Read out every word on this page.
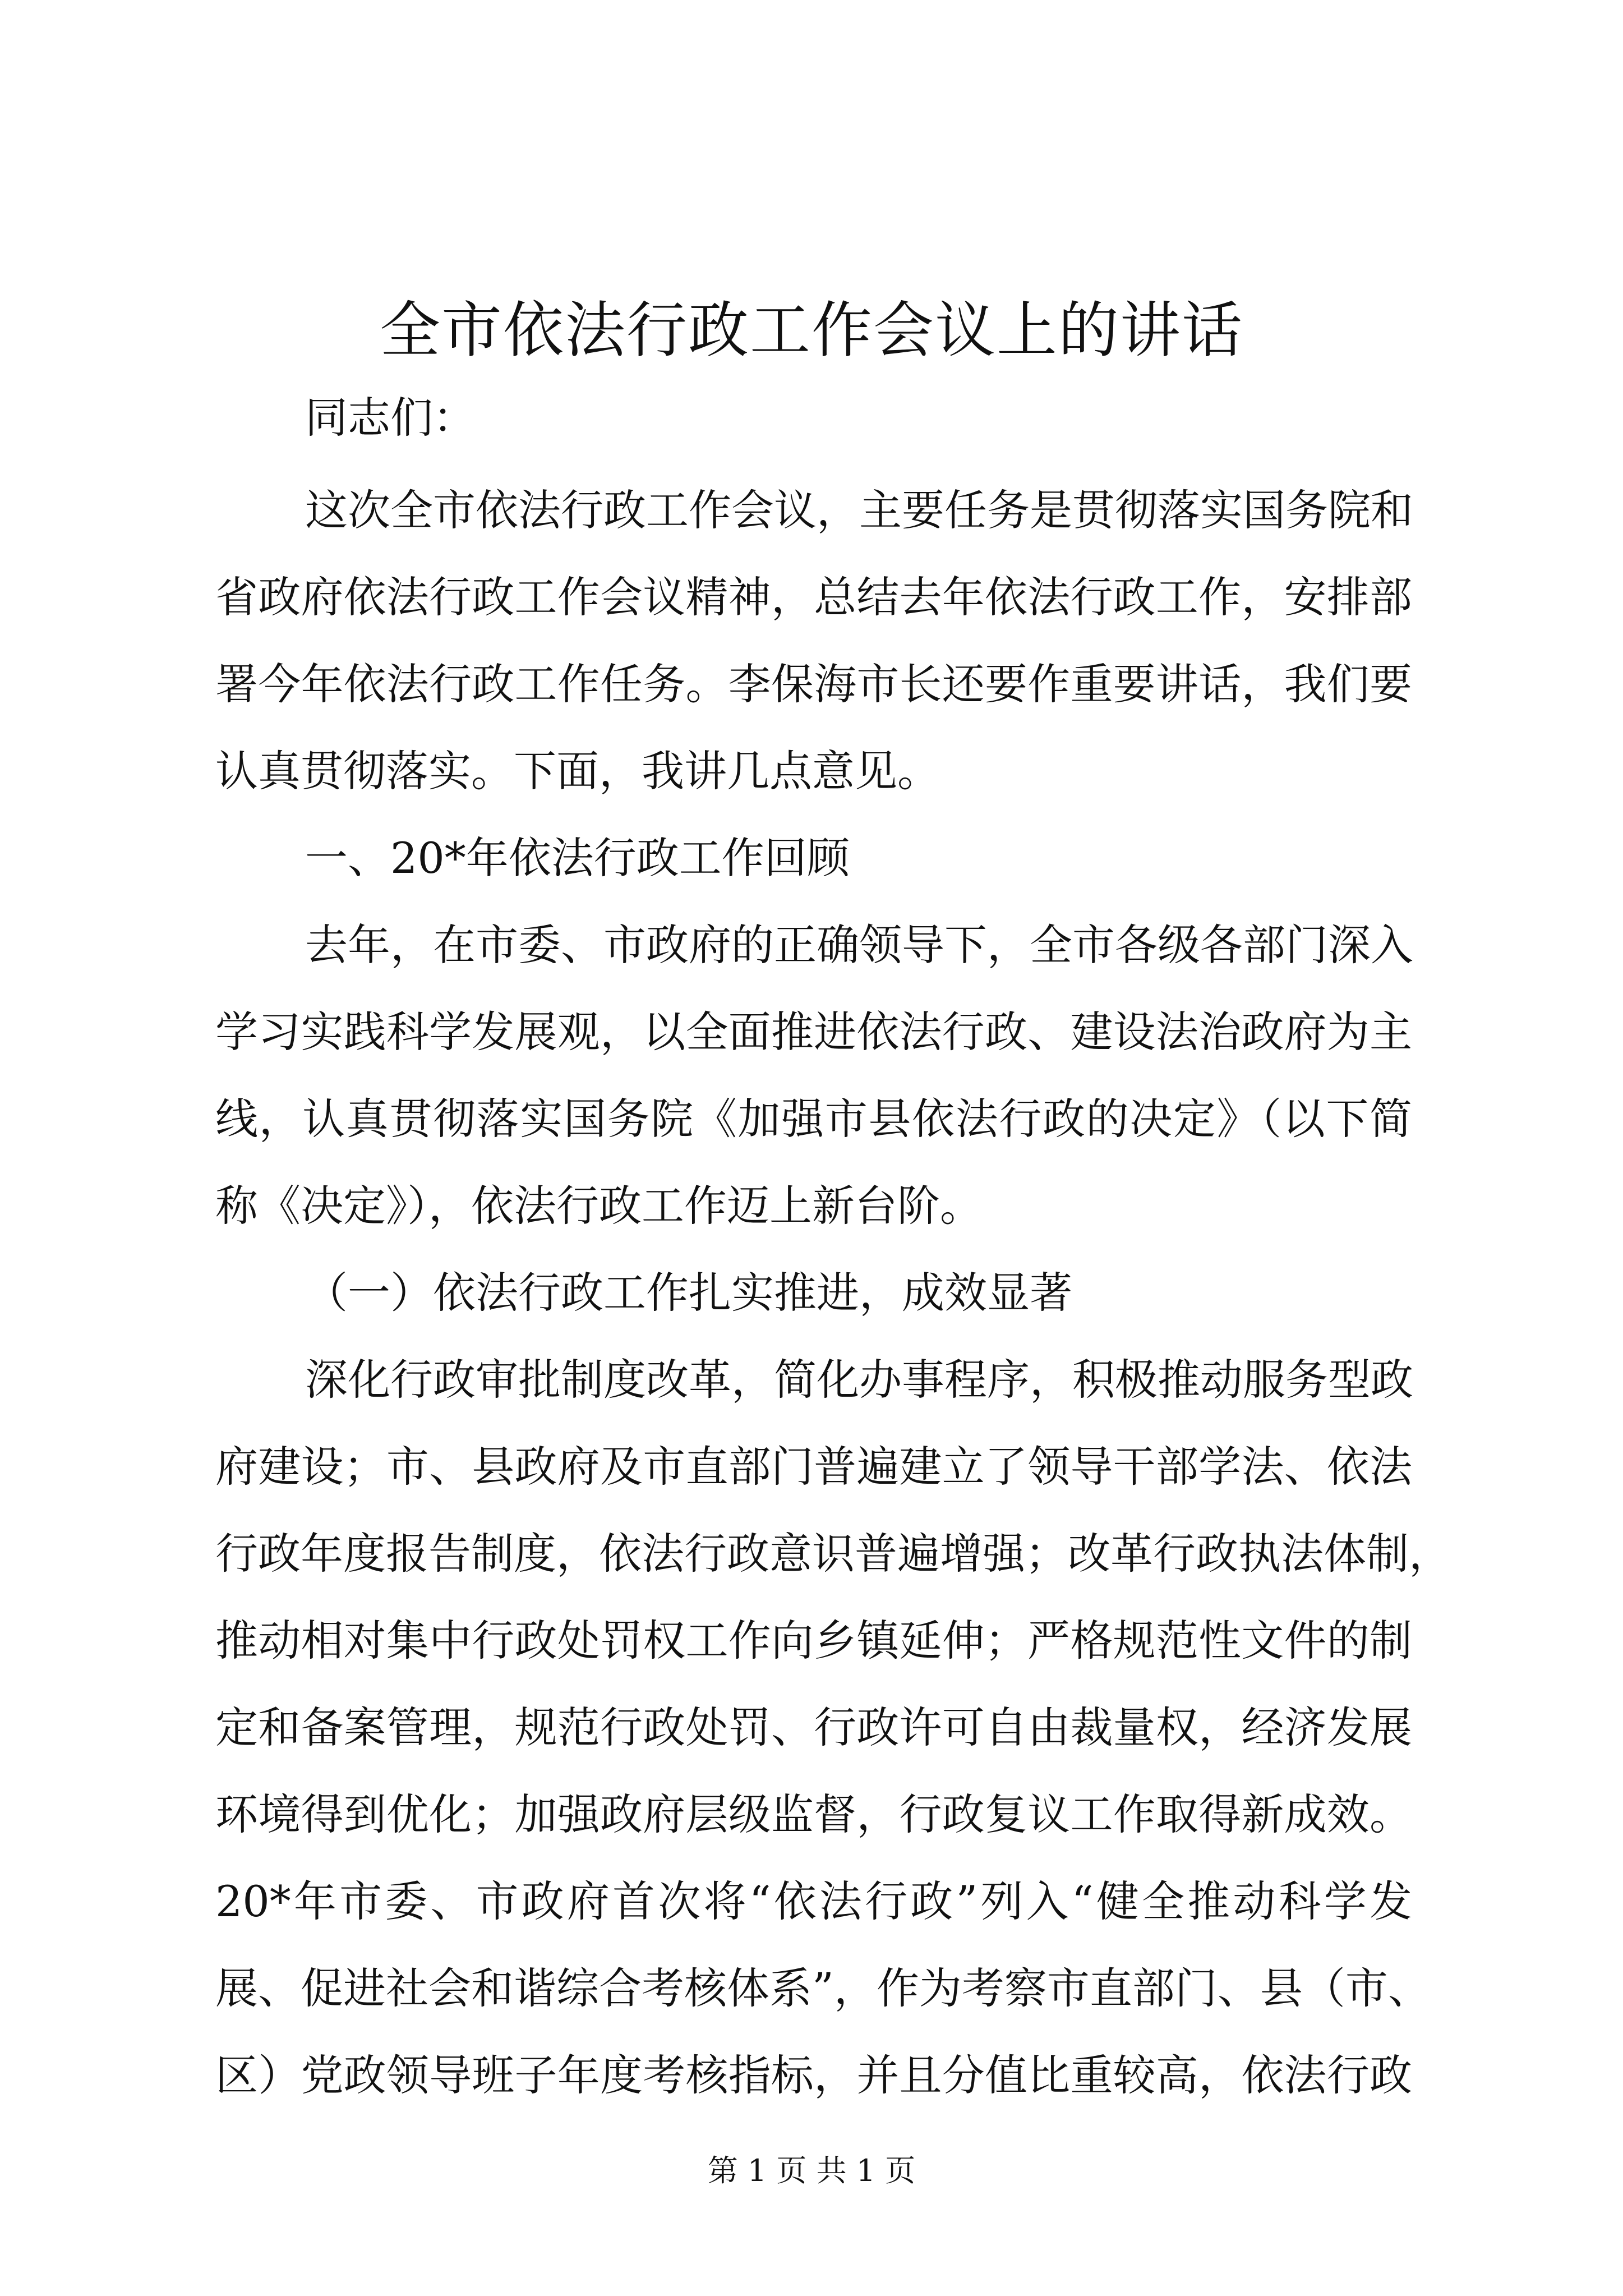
全市依法行政工作会议上的讲话
同志们：
这次全市依法行政工作会议，主要任务是贯彻落实国务院和
省政府依法行政工作会议精神，总结去年依法行政工作，安排部
署今年依法行政工作任务。李保海市长还要作重要讲话，我们要
认真贯彻落实。下面，我讲几点意见。
一、20*年依法行政工作回顾
去年，在市委、市政府的正确领导下，全市各级各部门深入
学习实践科学发展观，以全面推进依法行政、建设法治政府为主
线，认真贯彻落实国务院《加强市县依法行政的决定》（以下简
称《决定》），依法行政工作迈上新台阶。
（一）依法行政工作扎实推进，成效显著
深化行政审批制度改革，简化办事程序，积极推动服务型政
府建设；市、县政府及市直部门普遍建立了领导干部学法、依法
行政年度报告制度，依法行政意识普遍增强；改革行政执法体制，
推动相对集中行政处罚权工作向乡镇延伸；严格规范性文件的制
定和备案管理，规范行政处罚、行政许可自由裁量权，经济发展
环境得到优化；加强政府层级监督，行政复议工作取得新成效。
20*年市委、市政府首次将“依法行政”列入“健全推动科学发
展、促进社会和谐综合考核体系”，作为考察市直部门、县（市、
区）党政领导班子年度考核指标，并且分值比重较高，依法行政
第 1 页 共 1 页
